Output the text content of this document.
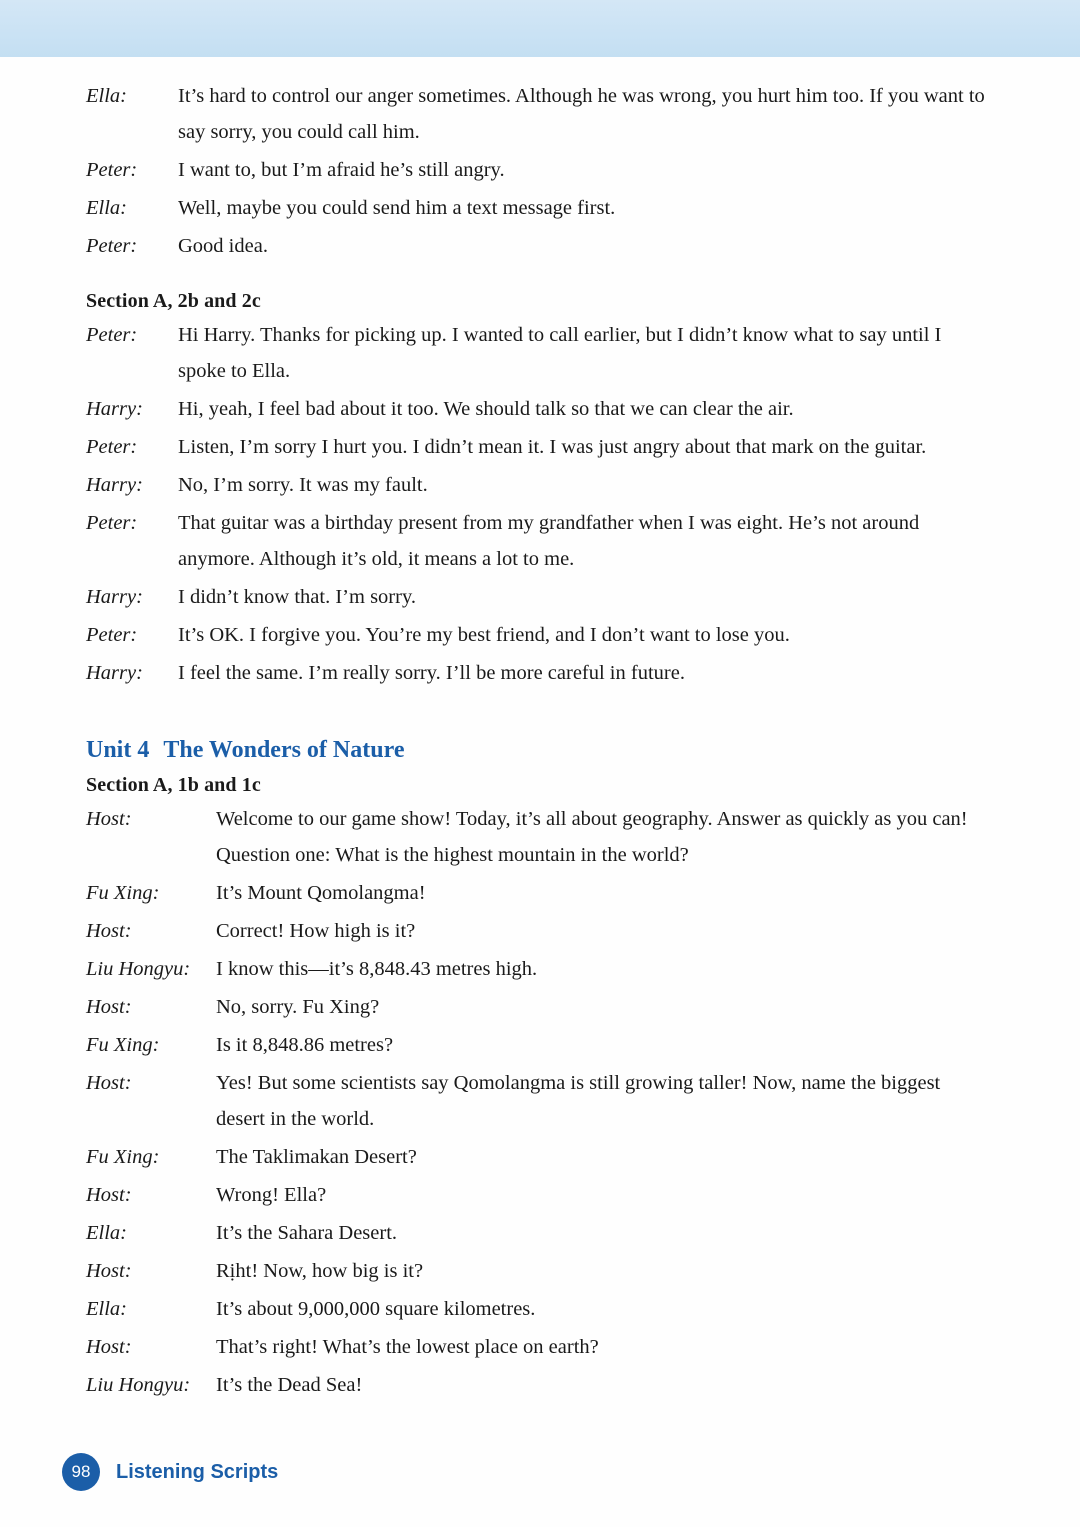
Ella:	It’s hard to control our anger sometimes. Although he was wrong, you hurt him too. If you want to say sorry, you could call him.
Peter:	I want to, but I’m afraid he’s still angry.
Ella:	Well, maybe you could send him a text message first.
Peter:	Good idea.
Section A, 2b and 2c
Peter:	Hi Harry. Thanks for picking up. I wanted to call earlier, but I didn’t know what to say until I spoke to Ella.
Harry:	Hi, yeah, I feel bad about it too. We should talk so that we can clear the air.
Peter:	Listen, I’m sorry I hurt you. I didn’t mean it. I was just angry about that mark on the guitar.
Harry:	No, I’m sorry. It was my fault.
Peter:	That guitar was a birthday present from my grandfather when I was eight. He’s not around anymore. Although it’s old, it means a lot to me.
Harry:	I didn’t know that. I’m sorry.
Peter:	It’s OK. I forgive you. You’re my best friend, and I don’t want to lose you.
Harry:	I feel the same. I’m really sorry. I’ll be more careful in future.
Unit 4 The Wonders of Nature
Section A, 1b and 1c
Host:	Welcome to our game show! Today, it’s all about geography. Answer as quickly as you can! Question one: What is the highest mountain in the world?
Fu Xing:	It’s Mount Qomolangma!
Host:	Correct! How high is it?
Liu Hongyu:	I know this—it’s 8,848.43 metres high.
Host:	No, sorry. Fu Xing?
Fu Xing:	Is it 8,848.86 metres?
Host:	Yes! But some scientists say Qomolangma is still growing taller! Now, name the biggest desert in the world.
Fu Xing:	The Taklimakan Desert?
Host:	Wrong! Ella?
Ella:	It’s the Sahara Desert.
Host:	Rịht! Now, how big is it?
Ella:	It’s about 9,000,000 square kilometres.
Host:	That’s right! What’s the lowest place on earth?
Liu Hongyu:	It’s the Dead Sea!
98	Listening Scripts
